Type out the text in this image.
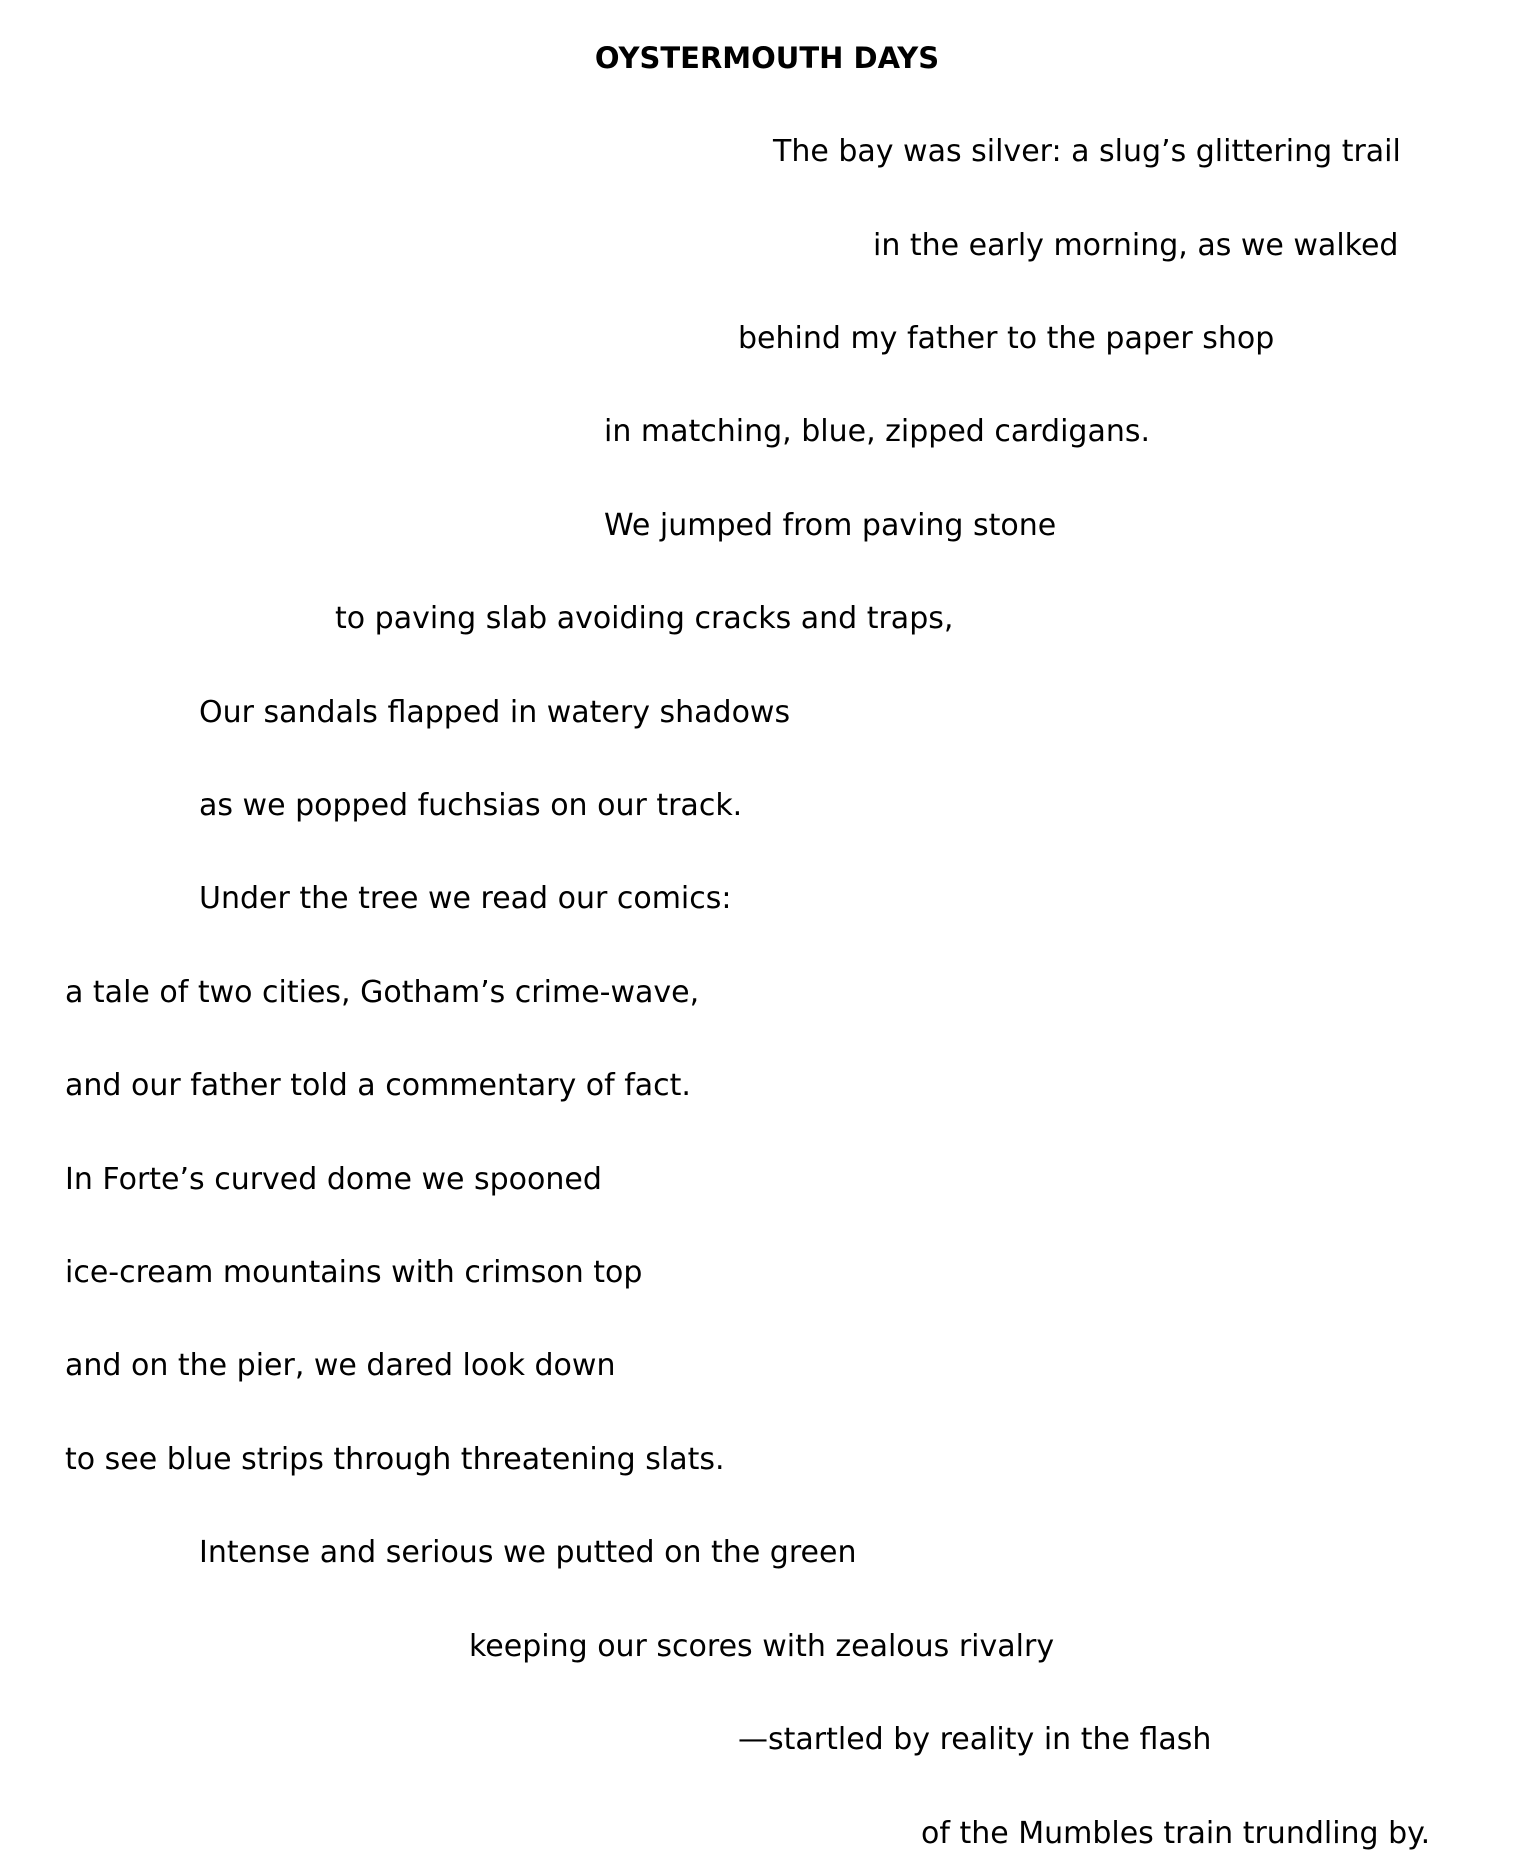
OYSTERMOUTH DAYS
The bay was silver: a slug’s glittering trail
in the early morning, as we walked
behind my father to the paper shop
in matching, blue, zipped cardigans.
We jumped from paving stone
to paving slab avoiding cracks and traps,
Our sandals flapped in watery shadows
as we popped fuchsias on our track.
Under the tree we read our comics:
a tale of two cities, Gotham’s crime-wave,
and our father told a commentary of fact.
In Forte’s curved dome we spooned
ice-cream mountains with crimson top
and on the pier, we dared look down
to see blue strips through threatening slats.
Intense and serious we putted on the green
keeping our scores with zealous rivalry
—startled by reality in the flash
of the Mumbles train trundling by.
